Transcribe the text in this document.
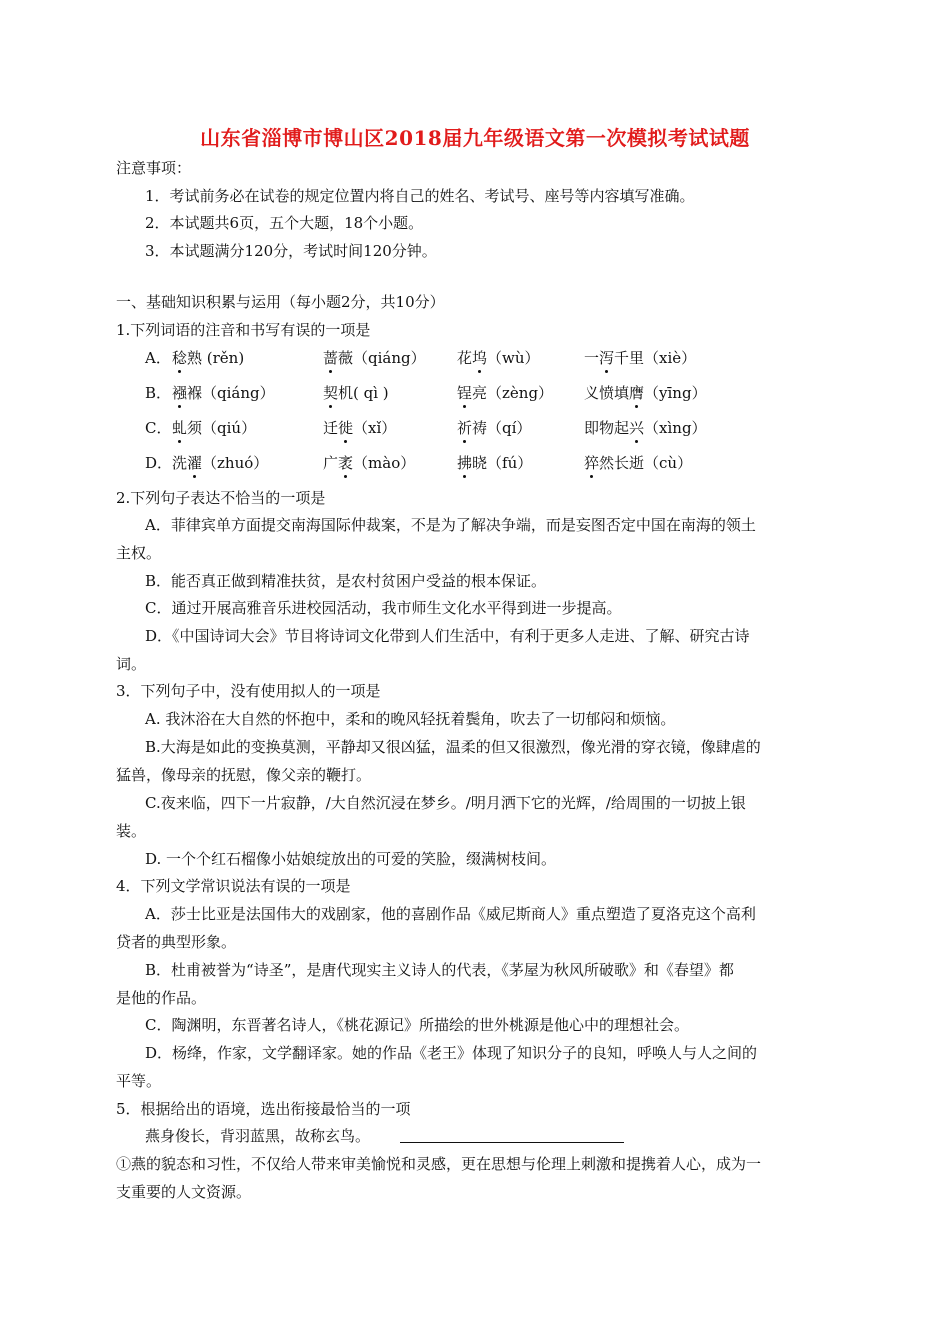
山东省淄博市博山区2018届九年级语文第一次模拟考试试题
注意事项：
1．考试前务必在试卷的规定位置内将自己的姓名、考试号、座号等内容填写准确。
2．本试题共6页，五个大题，18个小题。
3．本试题满分120分，考试时间120分钟。
一、基础知识积累与运用（每小题2分，共10分）
1.下列词语的注音和书写有误的一项是
A． 稔熟 (rěn)	蔷薇（qiáng） 花坞（wù）	一泻千里（xiè）
B． 襁褓（qiáng）	契机( qì )	锃亮（zèng） 义愤填膺（yīng）
C． 虬须（qiú）	迁徙（xǐ）	祈祷（qí）	即物起兴（xìng）
D． 洗濯（zhuó）	广袤（mào）	拂晓（fú）	猝然长逝（cù）
2.下列句子表达不恰当的一项是
A．菲律宾单方面提交南海国际仲裁案，不是为了解决争端，而是妄图否定中国在南海的领土
主权。
B．能否真正做到精准扶贫，是农村贫困户受益的根本保证。
C．通过开展高雅音乐进校园活动，我市师生文化水平得到进一步提高。
D．《中国诗词大会》节目将诗词文化带到人们生活中，有利于更多人走进、了解、研究古诗
词。
3．下列句子中，没有使用拟人的一项是
A. 我沐浴在大自然的怀抱中，柔和的晚风轻抚着鬓角，吹去了一切郁闷和烦恼。
B.大海是如此的变换莫测，平静却又很凶猛，温柔的但又很激烈，像光滑的穿衣镜，像肆虐的
猛兽，像母亲的抚慰，像父亲的鞭打。
C.夜来临，四下一片寂静，/大自然沉浸在梦乡。/明月洒下它的光辉，/给周围的一切披上银
装。
D. 一个个红石榴像小姑娘绽放出的可爱的笑脸，缀满树枝间。
4．下列文学常识说法有误的一项是
A．莎士比亚是法国伟大的戏剧家，他的喜剧作品《威尼斯商人》重点塑造了夏洛克这个高利
贷者的典型形象。
B．杜甫被誉为“诗圣”，是唐代现实主义诗人的代表，《茅屋为秋风所破歌》和《春望》都
是他的作品。
C．陶渊明，东晋著名诗人，《桃花源记》所描绘的世外桃源是他心中的理想社会。
D．杨绛，作家，文学翻译家。她的作品《老王》体现了知识分子的良知，呼唤人与人之间的
平等。
5．根据给出的语境，选出衔接最恰当的一项
燕身俊长，背羽蓝黑，故称玄鸟。
①燕的貌态和习性，不仅给人带来审美愉悦和灵感，更在思想与伦理上刺激和提携着人心，成为一
支重要的人文资源。
